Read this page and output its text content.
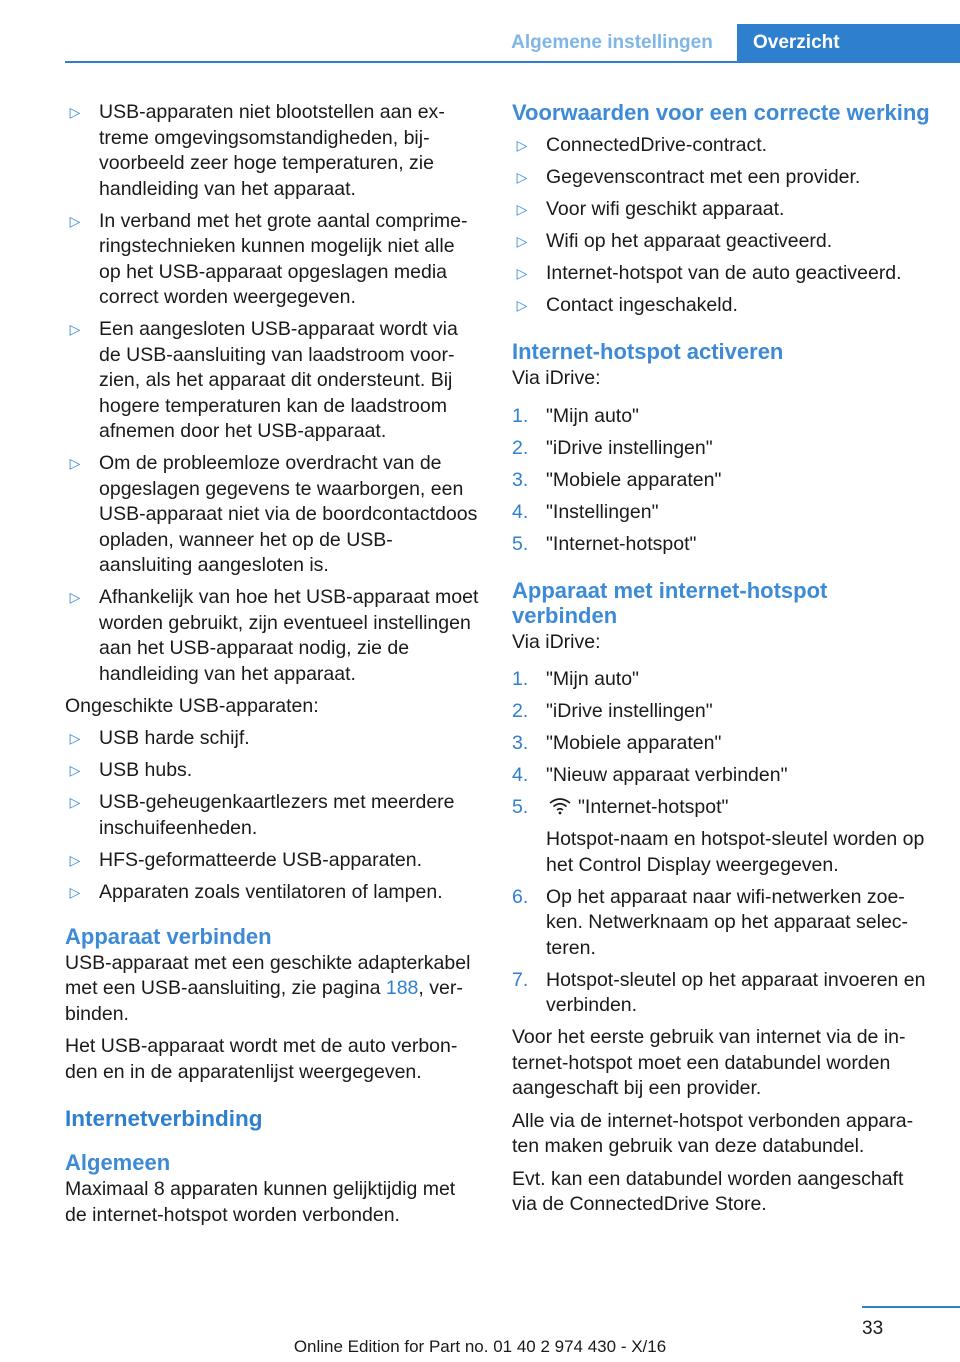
Algemene instellingen	Overzicht
▷ USB-apparaten niet blootstellen aan extreme omgevingsomstandigheden, bijvoorbeeld zeer hoge temperaturen, zie handleiding van het apparaat.
▷ In verband met het grote aantal comprimeringstechnieken kunnen mogelijk niet alle op het USB-apparaat opgeslagen media correct worden weergegeven.
▷ Een aangesloten USB-apparaat wordt via de USB-aansluiting van laadstroom voorzien, als het apparaat dit ondersteunt. Bij hogere temperaturen kan de laadstroom afnemen door het USB-apparaat.
▷ Om de probleemloze overdracht van de opgeslagen gegevens te waarborgen, een USB-apparaat niet via de boordcontactdoos opladen, wanneer het op de USB-aansluiting aangesloten is.
▷ Afhankelijk van hoe het USB-apparaat moet worden gebruikt, zijn eventueel instellingen aan het USB-apparaat nodig, zie de handleiding van het apparaat.

Ongeschikte USB-apparaten:

▷ USB harde schijf.
▷ USB hubs.
▷ USB-geheugenkaartlezers met meerdere inschuifeenheden.
▷ HFS-geformatteerde USB-apparaten.
▷ Apparaten zoals ventilatoren of lampen.
Apparaat verbinden

USB-apparaat met een geschikte adapterkabel met een USB-aansluiting, zie pagina 188, verbinden.

Het USB-apparaat wordt met de auto verbonden en in de apparatenlijst weergegeven.

Internetverbinding
Algemeen

Maximaal 8 apparaten kunnen gelijktijdig met de internet-hotspot worden verbonden.

Voorwaarden voor een correcte werking
▷ ConnectedDrive-contract.
▷ Gegevenscontract met een provider.
▷ Voor wifi geschikt apparaat.
▷ Wifi op het apparaat geactiveerd.
▷ Internet-hotspot van de auto geactiveerd.
▷ Contact ingeschakeld.
Internet-hotspot activeren

Via iDrive:

1. "Mijn auto"
2. "iDrive instellingen"
3. "Mobiele apparaten"
4. "Instellingen"
5. "Internet-hotspot"
Apparaat met internet-hotspot verbinden

Via iDrive:

1. "Mijn auto"
2. "iDrive instellingen"
3. "Mobiele apparaten"
4. "Nieuw apparaat verbinden"
5.	"Internet-hotspot"
Hotspot-naam en hotspot-sleutel worden op het Control Display weergegeven.
6. Op het apparaat naar wifi-netwerken zoeken. Netwerknaam op het apparaat selecteren.
7. Hotspot-sleutel op het apparaat invoeren en verbinden.

Voor het eerste gebruik van internet via de internet-hotspot moet een databundel worden aangeschaft bij een provider.

Alle via de internet-hotspot verbonden apparaten maken gebruik van deze databundel.

Evt. kan een databundel worden aangeschaft via de ConnectedDrive Store.

33
Online Edition for Part no. 01 40 2 974 430 - X/16
